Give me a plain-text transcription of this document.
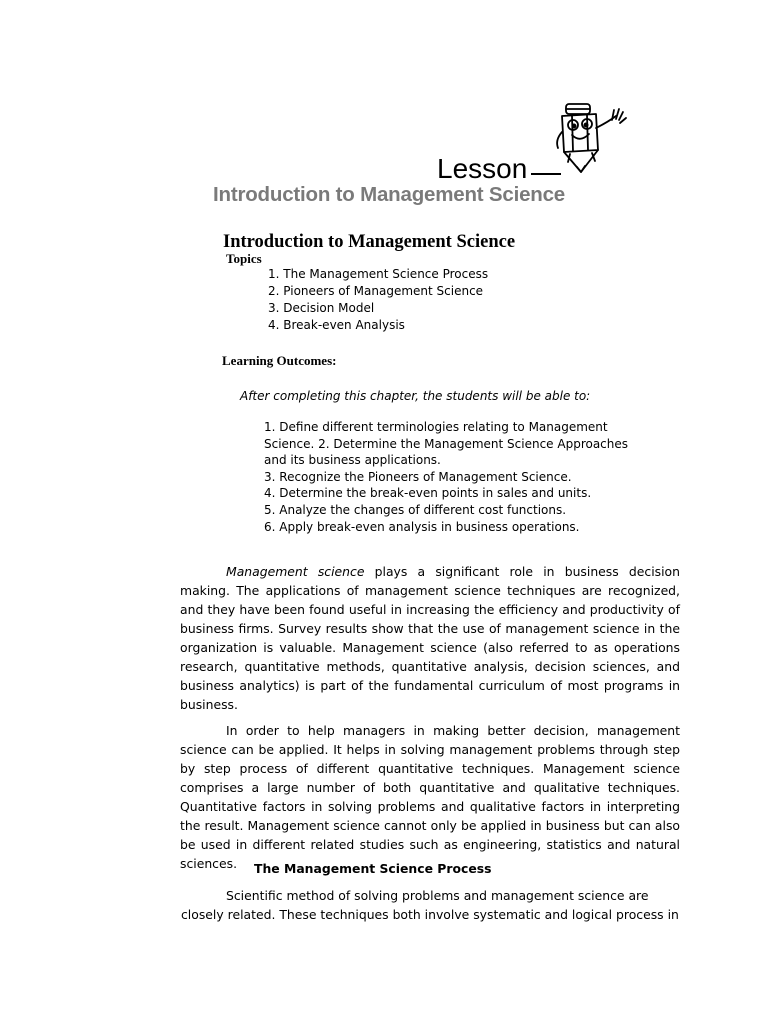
Lesson
Introduction to Management Science
Introduction to Management Science
Topics
1. The Management Science Process
2. Pioneers of Management Science
3. Decision Model
4. Break-even Analysis
Learning Outcomes:
After completing this chapter, the students will be able to:
1. Define different terminologies relating to Management
Science. 2. Determine the Management Science Approaches
and its business applications.
3. Recognize the Pioneers of Management Science.
4. Determine the break-even points in sales and units.
5. Analyze the changes of different cost functions.
6. Apply break-even analysis in business operations.

Management science plays a significant role in business decision making. The applications of management science techniques are recognized, and they have been found useful in increasing the efficiency and productivity of business firms. Survey results show that the use of management science in the organization is valuable. Management science (also referred to as operations research, quantitative methods, quantitative analysis, decision sciences, and business analytics) is part of the fundamental curriculum of most programs in business.

In order to help managers in making better decision, management science can be applied. It helps in solving management problems through step by step process of different quantitative techniques. Management science comprises a large number of both quantitative and qualitative techniques. Quantitative factors in solving problems and qualitative factors in interpreting the result. Management science cannot only be applied in business but can also be used in different related studies such as engineering, statistics and natural sciences.	The Management Science Process
Scientific method of solving problems and management science are
closely related. These techniques both involve systematic and logical process in
